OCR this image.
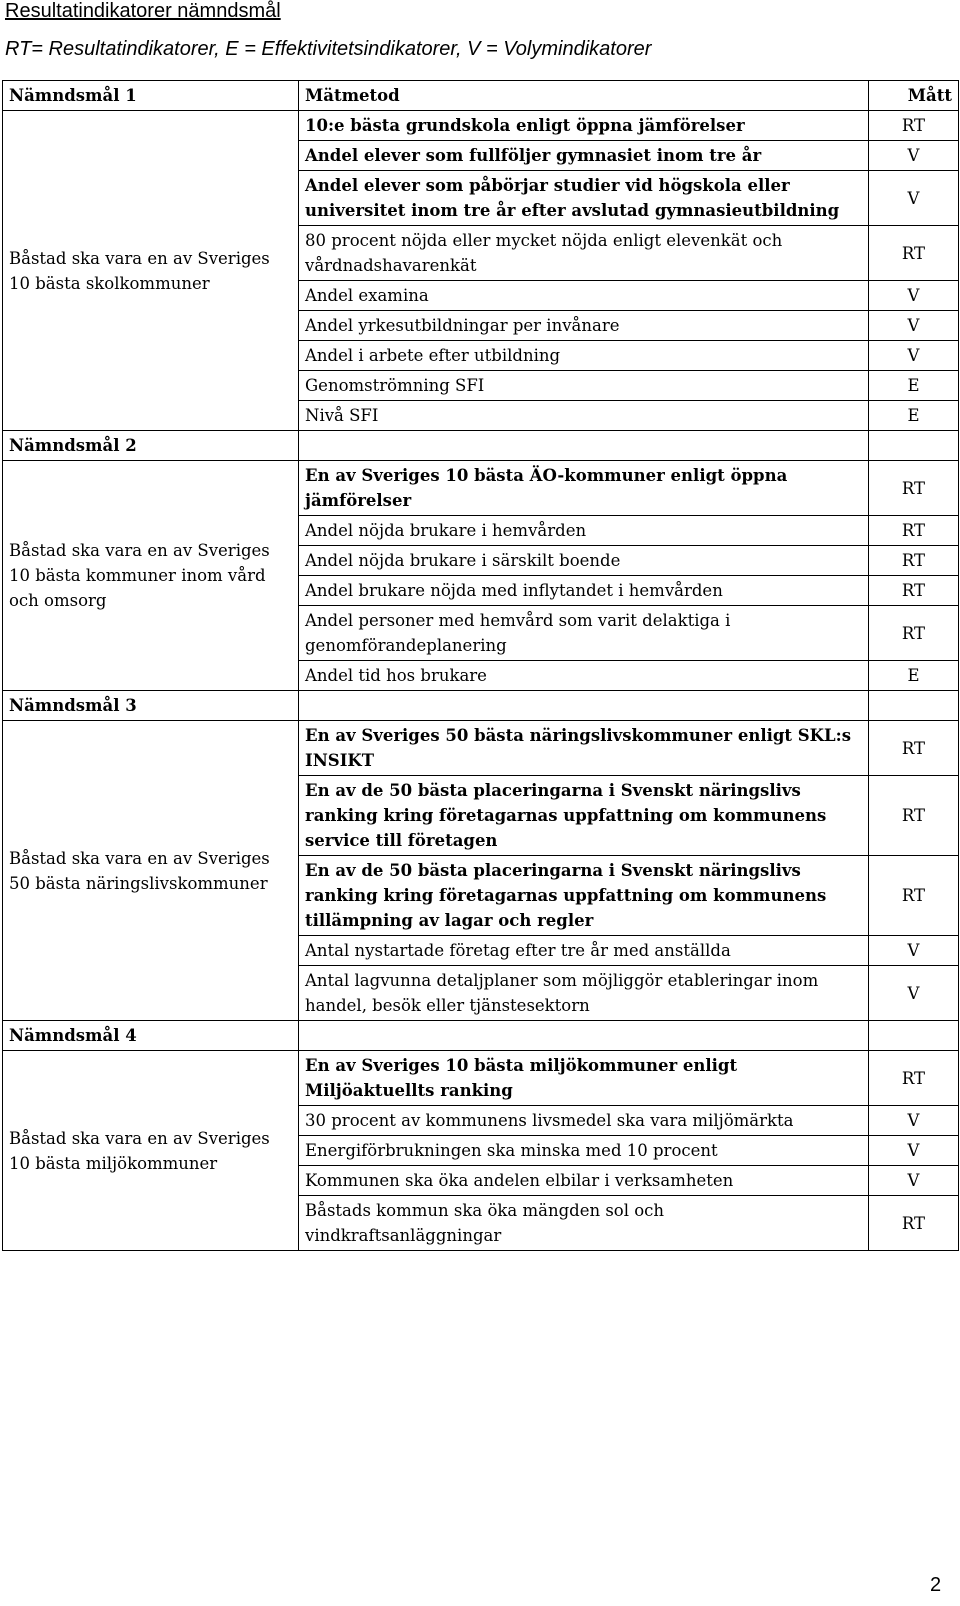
Resultatindikatorer nämndsmål
RT= Resultatindikatorer, E = Effektivitetsindikatorer, V = Volymindikatorer
Nämndsmål 1	Mätmetod	Mått
Båstad ska vara en av Sveriges 10 bästa skolkommuner	10:e bästa grundskola enligt öppna jämförelser	RT
	Andel elever som fullföljer gymnasiet inom tre år	V
	Andel elever som påbörjar studier vid högskola eller universitet inom tre år efter avslutad gymnasieutbildning	V
	80 procent nöjda eller mycket nöjda enligt elevenkät och vårdnadshavarenkät	RT
	Andel examina	V
	Andel yrkesutbildningar per invånare	V
	Andel i arbete efter utbildning	V
	Genomströmning SFI	E
	Nivå SFI	E
Nämndsmål 2		
Båstad ska vara en av Sveriges 10 bästa kommuner inom vård och omsorg	En av Sveriges 10 bästa ÄO-kommuner enligt öppna jämförelser	RT
	Andel nöjda brukare i hemvården	RT
	Andel nöjda brukare i särskilt boende	RT
	Andel brukare nöjda med inflytandet i hemvården	RT
	Andel personer med hemvård som varit delaktiga i genomförandeplanering	RT
	Andel tid hos brukare	E
Nämndsmål 3		
Båstad ska vara en av Sveriges 50 bästa näringslivskommuner	En av Sveriges 50 bästa näringslivskommuner enligt SKL:s INSIKT	RT
	En av de 50 bästa placeringarna i Svenskt näringslivs ranking kring företagarnas uppfattning om kommunens service till företagen	RT
	En av de 50 bästa placeringarna i Svenskt näringslivs ranking kring företagarnas uppfattning om kommunens tillämpning av lagar och regler	RT
	Antal nystartade företag efter tre år med anställda	V
	Antal lagvunna detaljplaner som möjliggör etableringar inom handel, besök eller tjänstesektorn	V
Nämndsmål 4		
Båstad ska vara en av Sveriges 10 bästa miljökommuner	En av Sveriges 10 bästa miljökommuner enligt Miljöaktuellts ranking	RT
	30 procent av kommunens livsmedel ska vara miljömärkta	V
	Energiförbrukningen ska minska med 10 procent	V
	Kommunen ska öka andelen elbilar i verksamheten	V
	Båstads kommun ska öka mängden sol och vindkraftsanläggningar	RT
2
